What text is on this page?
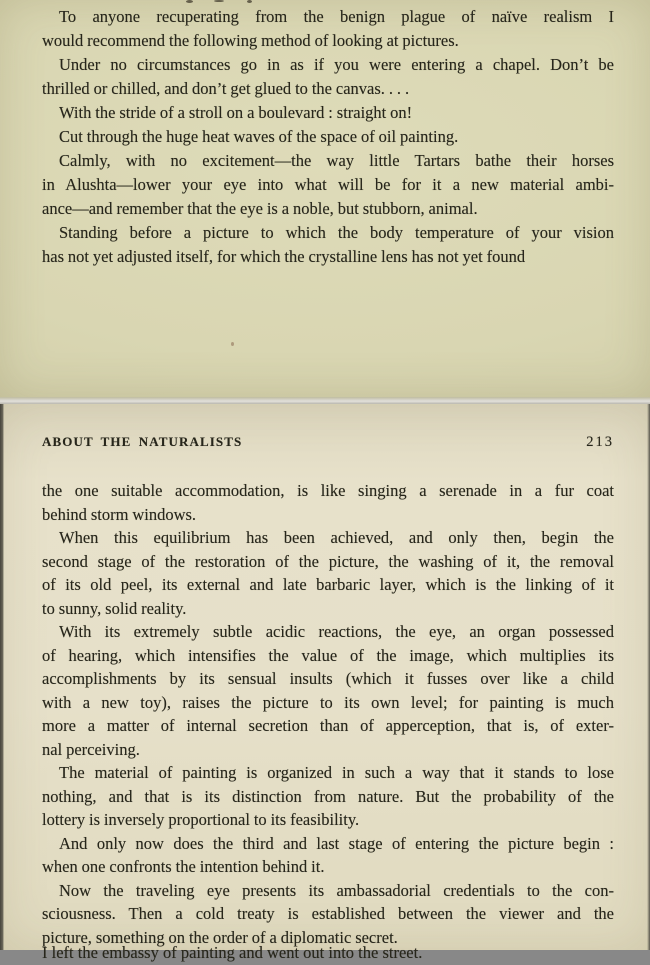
To anyone recuperating from the benign plague of naïve realism I
would recommend the following method of looking at pictures.
Under no circumstances go in as if you were entering a chapel. Don’t be
thrilled or chilled, and don’t get glued to the canvas. . . .
With the stride of a stroll on a boulevard : straight on!
Cut through the huge heat waves of the space of oil painting.
Calmly, with no excitement—the way little Tartars bathe their horses
in Alushta—lower your eye into what will be for it a new material ambi-
ance—and remember that the eye is a noble, but stubborn, animal.
Standing before a picture to which the body temperature of your vision
has not yet adjusted itself, for which the crystalline lens has not yet found
ABOUT THE NATURALISTS	213
the one suitable accommodation, is like singing a serenade in a fur coat
behind storm windows.
When this equilibrium has been achieved, and only then, begin the
second stage of the restoration of the picture, the washing of it, the removal
of its old peel, its external and late barbaric layer, which is the linking of it
to sunny, solid reality.
With its extremely subtle acidic reactions, the eye, an organ possessed
of hearing, which intensifies the value of the image, which multiplies its
accomplishments by its sensual insults (which it fusses over like a child
with a new toy), raises the picture to its own level; for painting is much
more a matter of internal secretion than of apperception, that is, of exter-
nal perceiving.
The material of painting is organized in such a way that it stands to lose
nothing, and that is its distinction from nature. But the probability of the
lottery is inversely proportional to its feasibility.
And only now does the third and last stage of entering the picture begin :
when one confronts the intention behind it.
Now the traveling eye presents its ambassadorial credentials to the con-
sciousness. Then a cold treaty is established between the viewer and the
picture, something on the order of a diplomatic secret.
I left the embassy of painting and went out into the street.
